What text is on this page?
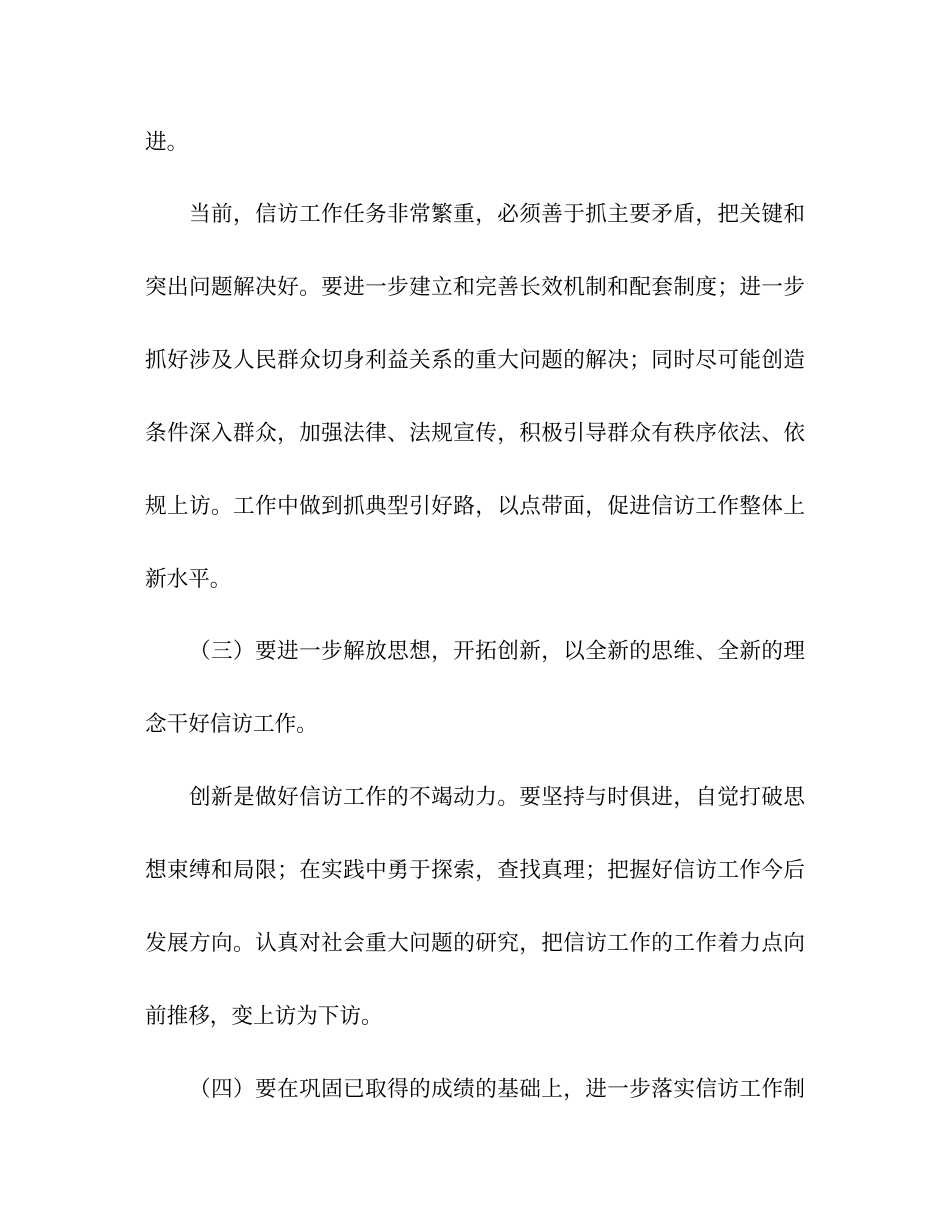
进。
当前，信访工作任务非常繁重，必须善于抓主要矛盾，把关键和
突出问题解决好。要进一步建立和完善长效机制和配套制度；进一步
抓好涉及人民群众切身利益关系的重大问题的解决；同时尽可能创造
条件深入群众，加强法律、法规宣传，积极引导群众有秩序依法、依
规上访。工作中做到抓典型引好路，以点带面，促进信访工作整体上
新水平。
（三）要进一步解放思想，开拓创新，以全新的思维、全新的理
念干好信访工作。
创新是做好信访工作的不竭动力。要坚持与时俱进，自觉打破思
想束缚和局限；在实践中勇于探索，查找真理；把握好信访工作今后
发展方向。认真对社会重大问题的研究，把信访工作的工作着力点向
前推移，变上访为下访。
（四）要在巩固已取得的成绩的基础上，进一步落实信访工作制
